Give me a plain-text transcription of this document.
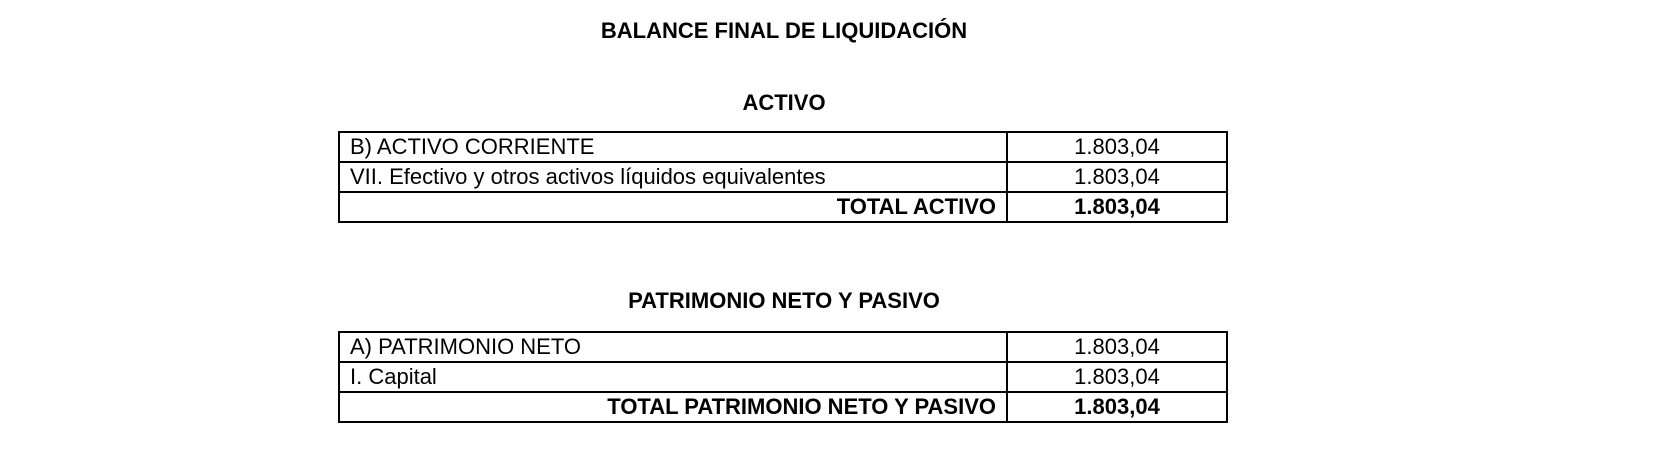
BALANCE FINAL DE LIQUIDACIÓN
ACTIVO
B) ACTIVO CORRIENTE	1.803,04
VII. Efectivo y otros activos líquidos equivalentes	1.803,04
TOTAL ACTIVO	1.803,04
PATRIMONIO NETO Y PASIVO
A) PATRIMONIO NETO	1.803,04
I. Capital	1.803,04
TOTAL PATRIMONIO NETO Y PASIVO	1.803,04
